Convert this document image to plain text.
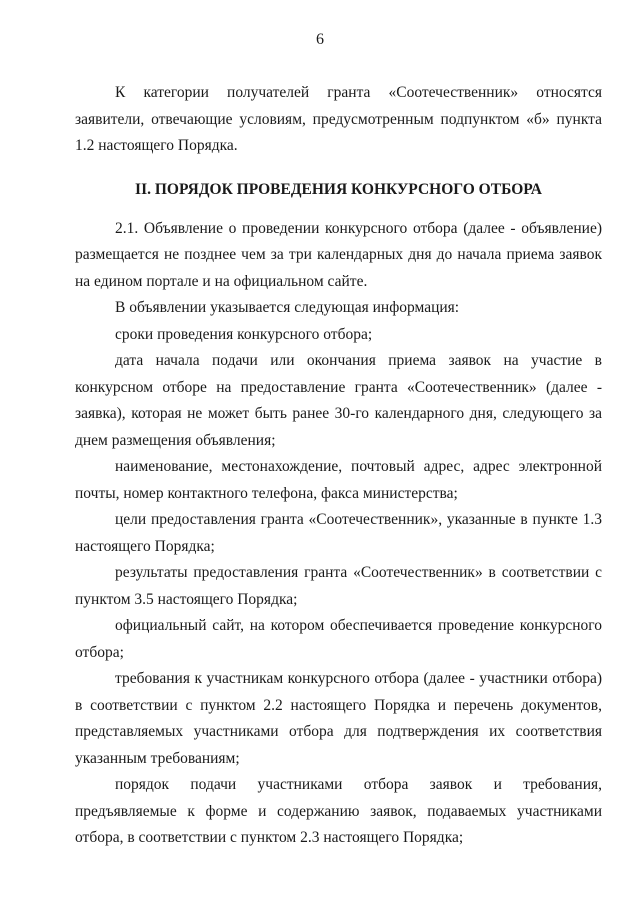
6

К категории получателей гранта «Соотечественник» относятся заявители, отвечающие условиям, предусмотренным подпунктом «б» пункта 1.2 настоящего Порядка.

II. ПОРЯДОК ПРОВЕДЕНИЯ КОНКУРСНОГО ОТБОРА

2.1. Объявление о проведении конкурсного отбора (далее - объявление) размещается не позднее чем за три календарных дня до начала приема заявок на едином портале и на официальном сайте.

В объявлении указывается следующая информация:

сроки проведения конкурсного отбора;

дата начала подачи или окончания приема заявок на участие в конкурсном отборе на предоставление гранта «Соотечественник» (далее - заявка), которая не может быть ранее 30-го календарного дня, следующего за днем размещения объявления;

наименование, местонахождение, почтовый адрес, адрес электронной почты, номер контактного телефона, факса министерства;

цели предоставления гранта «Соотечественник», указанные в пункте 1.3 настоящего Порядка;

результаты предоставления гранта «Соотечественник» в соответствии с пунктом 3.5 настоящего Порядка;

официальный сайт, на котором обеспечивается проведение конкурсного отбора;

требования к участникам конкурсного отбора (далее - участники отбора) в соответствии с пунктом 2.2 настоящего Порядка и перечень документов, представляемых участниками отбора для подтверждения их соответствия указанным требованиям;

порядок подачи участниками отбора заявок и требования, предъявляемые к форме и содержанию заявок, подаваемых участниками отбора, в соответствии с пунктом 2.3 настоящего Порядка;
